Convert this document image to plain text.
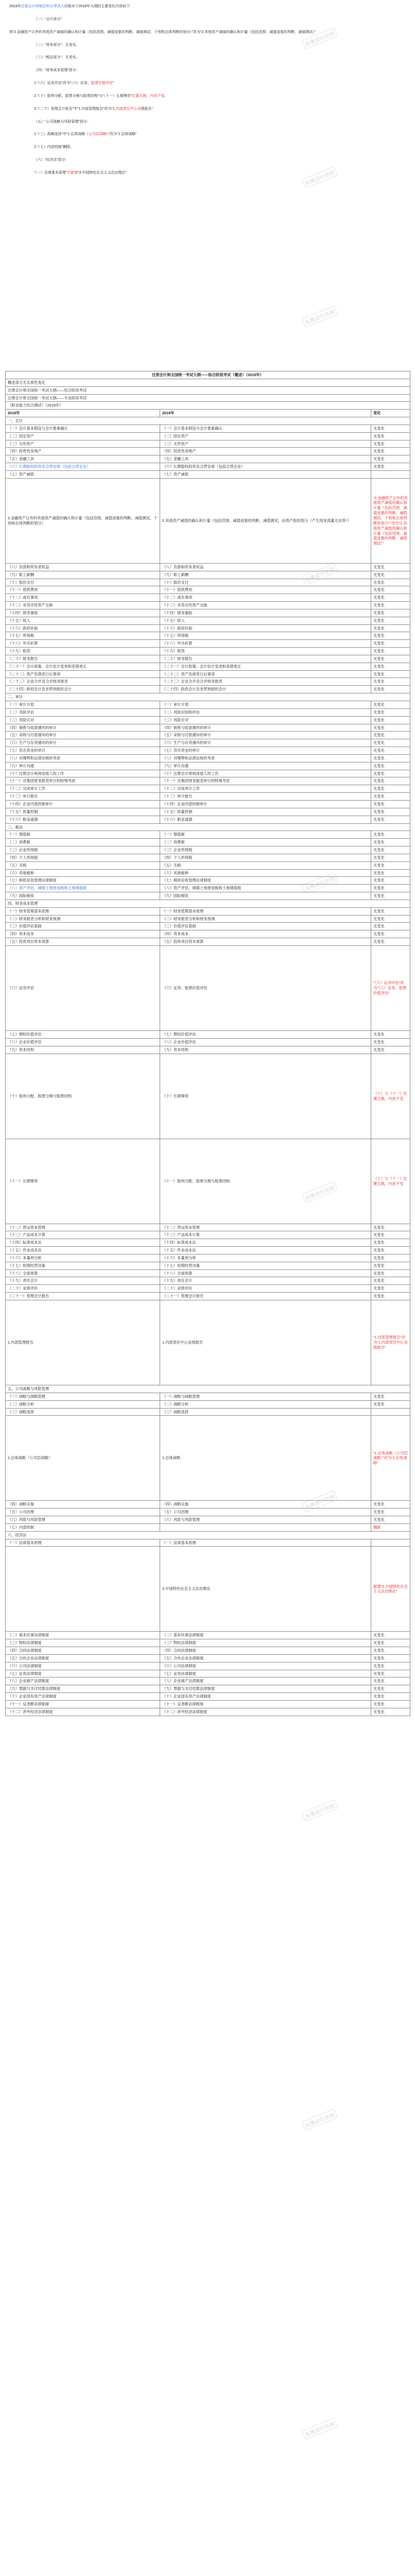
2019年注册会计师税法科目考试大纲相对于2018年大纲的主要变化内容如下：

（一）“会计部分”

将“2.金融资产以外的其他资产减值的确认和计量（包括范围、减值迹象的判断、减值测试，个别和总体判断的划分）”改为“2.其他资产减值的确认和计量（包括范围、减值迹象的判断、减值测试）”

（二）“财务部分”：无变化。

（三）“税法部分”：无变化。

（四）“财务成本管理”部分：

1.“（六）证券评估”改为“（六）证券、股票价值评估”

2.“（十）股利分配、股票分割与股票回购”与“（十一）长期筹资”位置互换，内容不变。

3.“（二十）管理会计报告”中“1.内部管理报告”改为“1.内部责任中心业绩报告”

（五）“公司战略与风险管理”部分：

1.“（三）战略选择”中“1.总体战略（公司层战略）”改为“1.总体战略”

2.“（七）内部控制”删除。

（六）“经济法”部分：

“（一）法律基本原理”中新增“3.中国特色社会主义法治理论”

注册会计师全国统一考试大纲——综合阶段考试（概述）（2019年）		
概述部分无实质性变化		
注册会计师全国统一考试大纲——综合阶段考试		
注册会计师全国统一考试大纲——专业阶段考试		
（职业能力综合测试）（2019年）		
2018年	2019年	变化
一、会计		
（一）会计基本假设与会计要素确认	（一）会计基本假设与会计要素确认	无变化
（二）固定资产	（二）固定资产	无变化
（三）无形资产	（三）无形资产	无变化
（四）投资性房地产	（四）投资性房地产	无变化
（五）金融工具	（五）金融工具	无变化
（六）长期股权投资及合营安排（包括合营企业）	（六）长期股权投资及合营安排（包括合营企业）	无变化
（七）资产减值	（七）资产减值	
2.金融资产以外的其他资产减值的确认和计量（包括范围、减值迹象的判断、减值测试，个别和总体判断的划分）	2.其他资产减值的确认和计量（包括范围、减值迹象的判断、减值测试，由资产组的划分（产生现金流量方法等））	“2.金融资产以外的其他资产减值的确认和计量（包括范围、减值迹象的判断、减值测试，个别和总体判断的划分）”改为“2.其他资产减值的确认和计量（包括范围、减值迹象的判断、减值测试）”
（八）负债和所有者权益	（八）负债和所有者权益	无变化
（九）职工薪酬	（九）职工薪酬	无变化
（十）股份支付	（十）股份支付	无变化
（十一）借款费用	（十一）借款费用	无变化
（十二）或有事项	（十二）或有事项	无变化
（十三）非货币性资产交换	（十三）非货币性资产交换	无变化
（十四）债务重组	（十四）债务重组	无变化
（十五）收入	（十五）收入	无变化
（十六）政府补助	（十六）政府补助	无变化
（十七）所得税	（十七）所得税	无变化
（十八）外币折算	（十八）外币折算	无变化
（十九）租赁	（十九）租赁	无变化
（二十）财务报告	（二十）财务报告	无变化
（二十一）会计政策、会计估计变更和差错更正	（二十一）会计政策、会计估计变更和差错更正	无变化
（二十二）资产负债表日后事项	（二十二）资产负债表日后事项	无变化
（二十三）企业合并及合并财务报表	（二十三）企业合并及合并财务报表	无变化
（二十四）政府会计及非营利组织会计	（二十四）政府会计及非营利组织会计	无变化
二、审计		
（一）审计计划	（一）审计计划	无变化
（二）风险评估	（二）风险识别和评估	无变化
（三）风险应对	（三）风险应对	无变化
（四）销售与收款循环的审计	（四）销售与收款循环的审计	无变化
（五）采购与付款循环的审计	（五）采购与付款循环的审计	无变化
（六）生产与存货循环的审计	（六）生产与存货循环的审计	无变化
（七）货币资金的审计	（七）货币资金的审计	无变化
（八）对舞弊和法律法规的考虑	（八）对舞弊和法律法规的考虑	无变化
（九）审计沟通	（九）审计沟通	无变化
（十）注册会计师利用他人的工作	（十）注册会计师利用他人的工作	无变化
（十一）对集团财务报表审计的特殊考虑	（十一）对集团财务报表审计的特殊考虑	无变化
（十二）完成审计工作	（十二）完成审计工作	无变化
（十三）审计报告	（十三）审计报告	无变化
（十四）企业内部控制审计	（十四）企业内部控制审计	无变化
（十五）质量控制	（十五）质量控制	无变化
（十六）职业道德	（十六）职业道德	无变化
三、税法		
（一）增值税	（一）增值税	无变化
（二）消费税	（二）消费税	无变化
（三）企业所得税	（三）企业所得税	无变化
（四）个人所得税	（四）个人所得税	无变化
（五）关税	（五）关税	无变化
（六）其他税种	（六）其他税种	无变化
（七）税收征收管理法律制度	（七）税收征收管理法律制度	无变化
（八）资产评估、城镇土地使用税和土地增值税	（八）资产评估、城镇土地使用税和土地增值税	无变化
（九）国际税收	（九）国际税收	无变化
四、财务成本管理		
（一）财务管理基本原理	（一）财务管理基本原理	无变化
（二）财务报表分析和财务预测	（二）财务报表分析和财务预测	无变化
（三）价值评估基础	（三）价值评估基础	无变化
（四）资本成本	（四）资本成本	无变化
（五）投资项目资本预算	（五）投资项目资本预算	无变化
（六）证券评估	（六）证券、股票价值评估	“（六）证券评估”改为“（六）证券、股票价值评估”
（七）期权价值评估	（七）期权价值评估	无变化
（八）企业价值评估	（八）企业价值评估	无变化
（九）资本结构	（九）资本结构	无变化
（十）股利分配、股票分割与股票回购	（十）长期筹资	（十）与（十一）位置互换，内容不变
（十一）长期筹资	（十一）股利分配、股票分割与股票回购	（十）与（十一）位置互换，内容不变
（十二）营运资本管理	（十二）营运资本管理	无变化
（十三）产品成本计算	（十三）产品成本计算	无变化
（十四）标准成本法	（十四）标准成本法	无变化
（十五）作业成本法	（十五）作业成本法	无变化
（十六）本量利分析	（十六）本量利分析	无变化
（十七）短期经营决策	（十七）短期经营决策	无变化
（十八）全面预算	（十八）全面预算	无变化
（十九）责任会计	（十九）责任会计	无变化
（二十）业绩评价	（二十）业绩评价	无变化
（二十一）管理会计报告	（二十一）管理会计报告	无变化
1.内部管理报告	1.内部责任中心业绩报告	“1.内部管理报告”改为“1.内部责任中心业绩报告”
五、公司战略与风险管理		
（一）战略与战略管理	（一）战略与战略管理	无变化
（二）战略分析	（二）战略分析	无变化
（三）战略选择	（三）战略选择	
1.总体战略（公司层战略）	1.总体战略	“1.总体战略（公司层战略）”改为“1.总体战略”
（四）战略实施	（四）战略实施	无变化
（五）公司治理	（五）公司治理	无变化
（六）风险与风险管理	（六）风险与风险管理	无变化
（七）内部控制		删除
六、经济法		
（一）法律基本原理	（一）法律基本原理	
	3.中国特色社会主义法治理论	新增“3.中国特色社会主义法治理论”
（二）基本民事法律制度	（二）基本民事法律制度	无变化
（三）物权法律制度	（三）物权法律制度	无变化
（四）合同法律制度	（四）合同法律制度	无变化
（五）合伙企业法律制度	（五）合伙企业法律制度	无变化
（六）公司法律制度	（六）公司法律制度	无变化
（七）证券法律制度	（七）证券法律制度	无变化
（八）企业破产法律制度	（八）企业破产法律制度	无变化
（九）票据与支付结算法律制度	（九）票据与支付结算法律制度	无变化
（十）企业国有资产法律制度	（十）企业国有资产法律制度	无变化
（十一）反垄断法律制度	（十一）反垄断法律制度	无变化
（十二）涉外经济法律制度	（十二）涉外经济法律制度	无变化
东奥会计在线
东奥会计在线
东奥会计在线
东奥会计在线
东奥会计在线
东奥会计在线
东奥会计在线
东奥会计在线
东奥会计在线
东奥会计在线
